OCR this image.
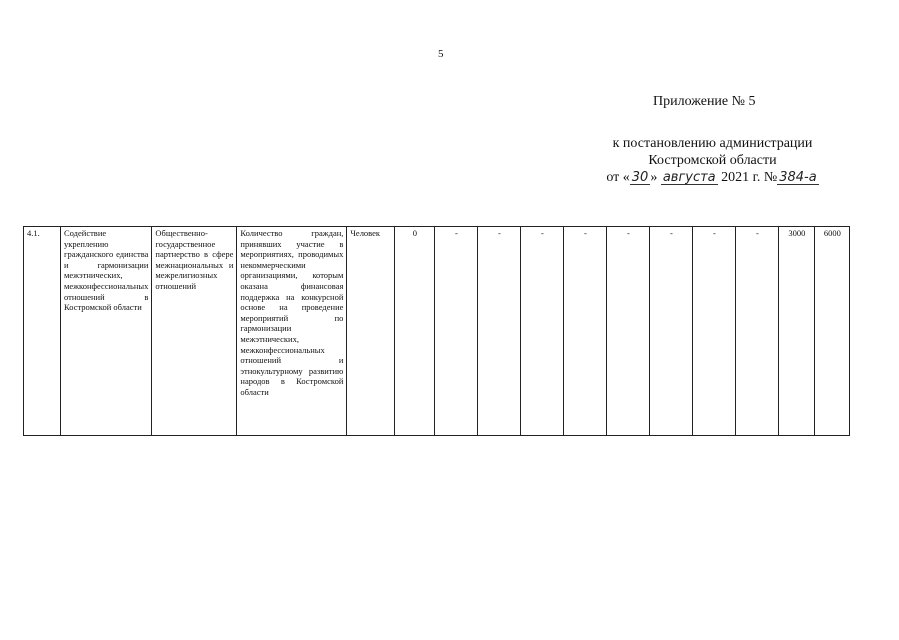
5
Приложение № 5
к постановлению администрации
Костромской области
от « 30 » августа 2021 г. № 384-а
4.1.	Содействие укреплению гражданского единства и гармонизации межэтнических, межконфессиональных отношений в Костромской области	Общественно-государственное партнерство в сфере межнациональных и межрелигиозных отношений	Количество граждан, принявших участие в мероприятиях, проводимых некоммерческими организациями, которым оказана финансовая поддержка на конкурсной основе на проведение мероприятий по гармонизации межэтнических, межконфессиональных отношений и этнокультурному развитию народов в Костромской области	Человек	0	-	-	-	-	-	-	-	-	3000	6000
